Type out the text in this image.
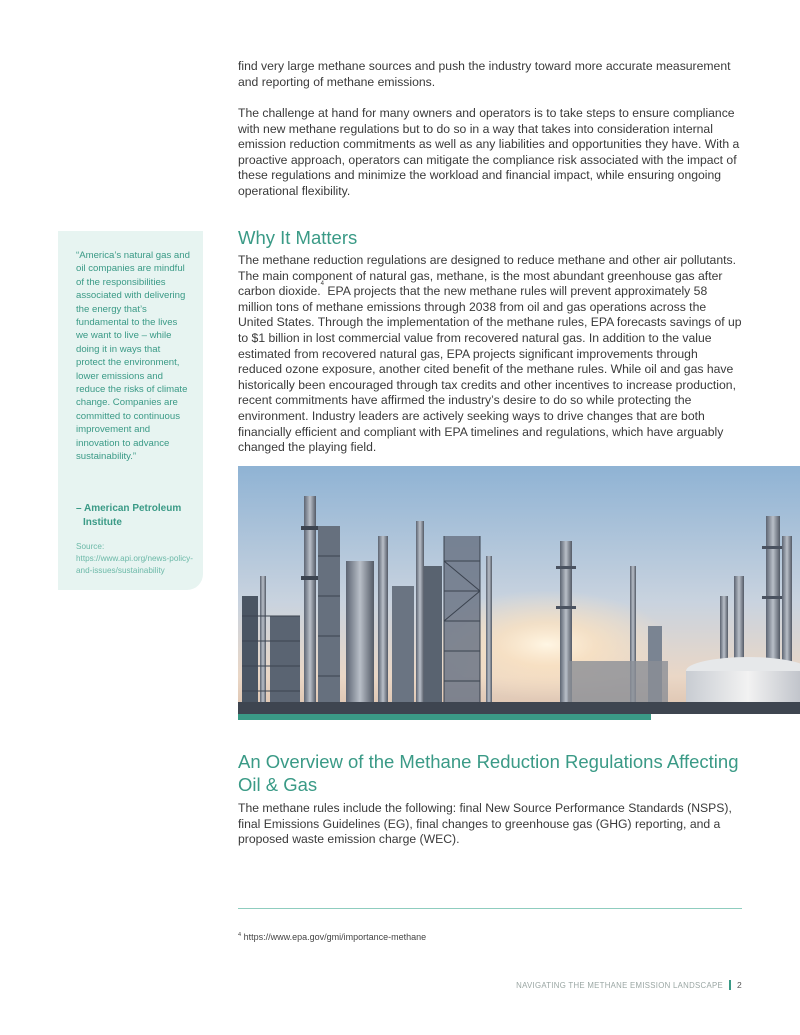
find very large methane sources and push the industry toward more accurate measurement and reporting of methane emissions.

The challenge at hand for many owners and operators is to take steps to ensure compliance with new methane regulations but to do so in a way that takes into consideration internal emission reduction commitments as well as any liabilities and opportunities they have. With a proactive approach, operators can mitigate the compliance risk associated with the impact of these regulations and minimize the workload and financial impact, while ensuring ongoing operational flexibility.

“America’s natural gas and oil companies are mindful of the responsibilities associated with delivering the energy that’s fundamental to the lives we want to live – while doing it in ways that protect the environment, lower emissions and reduce the risks of climate change. Companies are committed to continuous improvement and innovation to advance sustainability.”

– American Petroleum Institute

Source: https://www.api.org/news-policy-and-issues/sustainability

Why It Matters

The methane reduction regulations are designed to reduce methane and other air pollutants. The main component of natural gas, methane, is the most abundant greenhouse gas after carbon dioxide.$^4$ EPA projects that the new methane rules will prevent approximately 58 million tons of methane emissions through 2038 from oil and gas operations across the United States. Through the implementation of the methane rules, EPA forecasts savings of up to $1 billion in lost commercial value from recovered natural gas. In addition to the value estimated from recovered natural gas, EPA projects significant improvements through reduced ozone exposure, another cited benefit of the methane rules. While oil and gas have historically been encouraged through tax credits and other incentives to increase production, recent commitments have affirmed the industry’s desire to do so while protecting the environment. Industry leaders are actively seeking ways to drive changes that are both financially efficient and compliant with EPA timelines and regulations, which have arguably changed the playing field.

An Overview of the Methane Reduction Regulations Affecting Oil & Gas

The methane rules include the following: final New Source Performance Standards (NSPS), final Emissions Guidelines (EG), final changes to greenhouse gas (GHG) reporting, and a proposed waste emission charge (WEC).

$^4$ https://www.epa.gov/gmi/importance-methane

NAVIGATING THE METHANE EMISSION LANDSCAPE 2
